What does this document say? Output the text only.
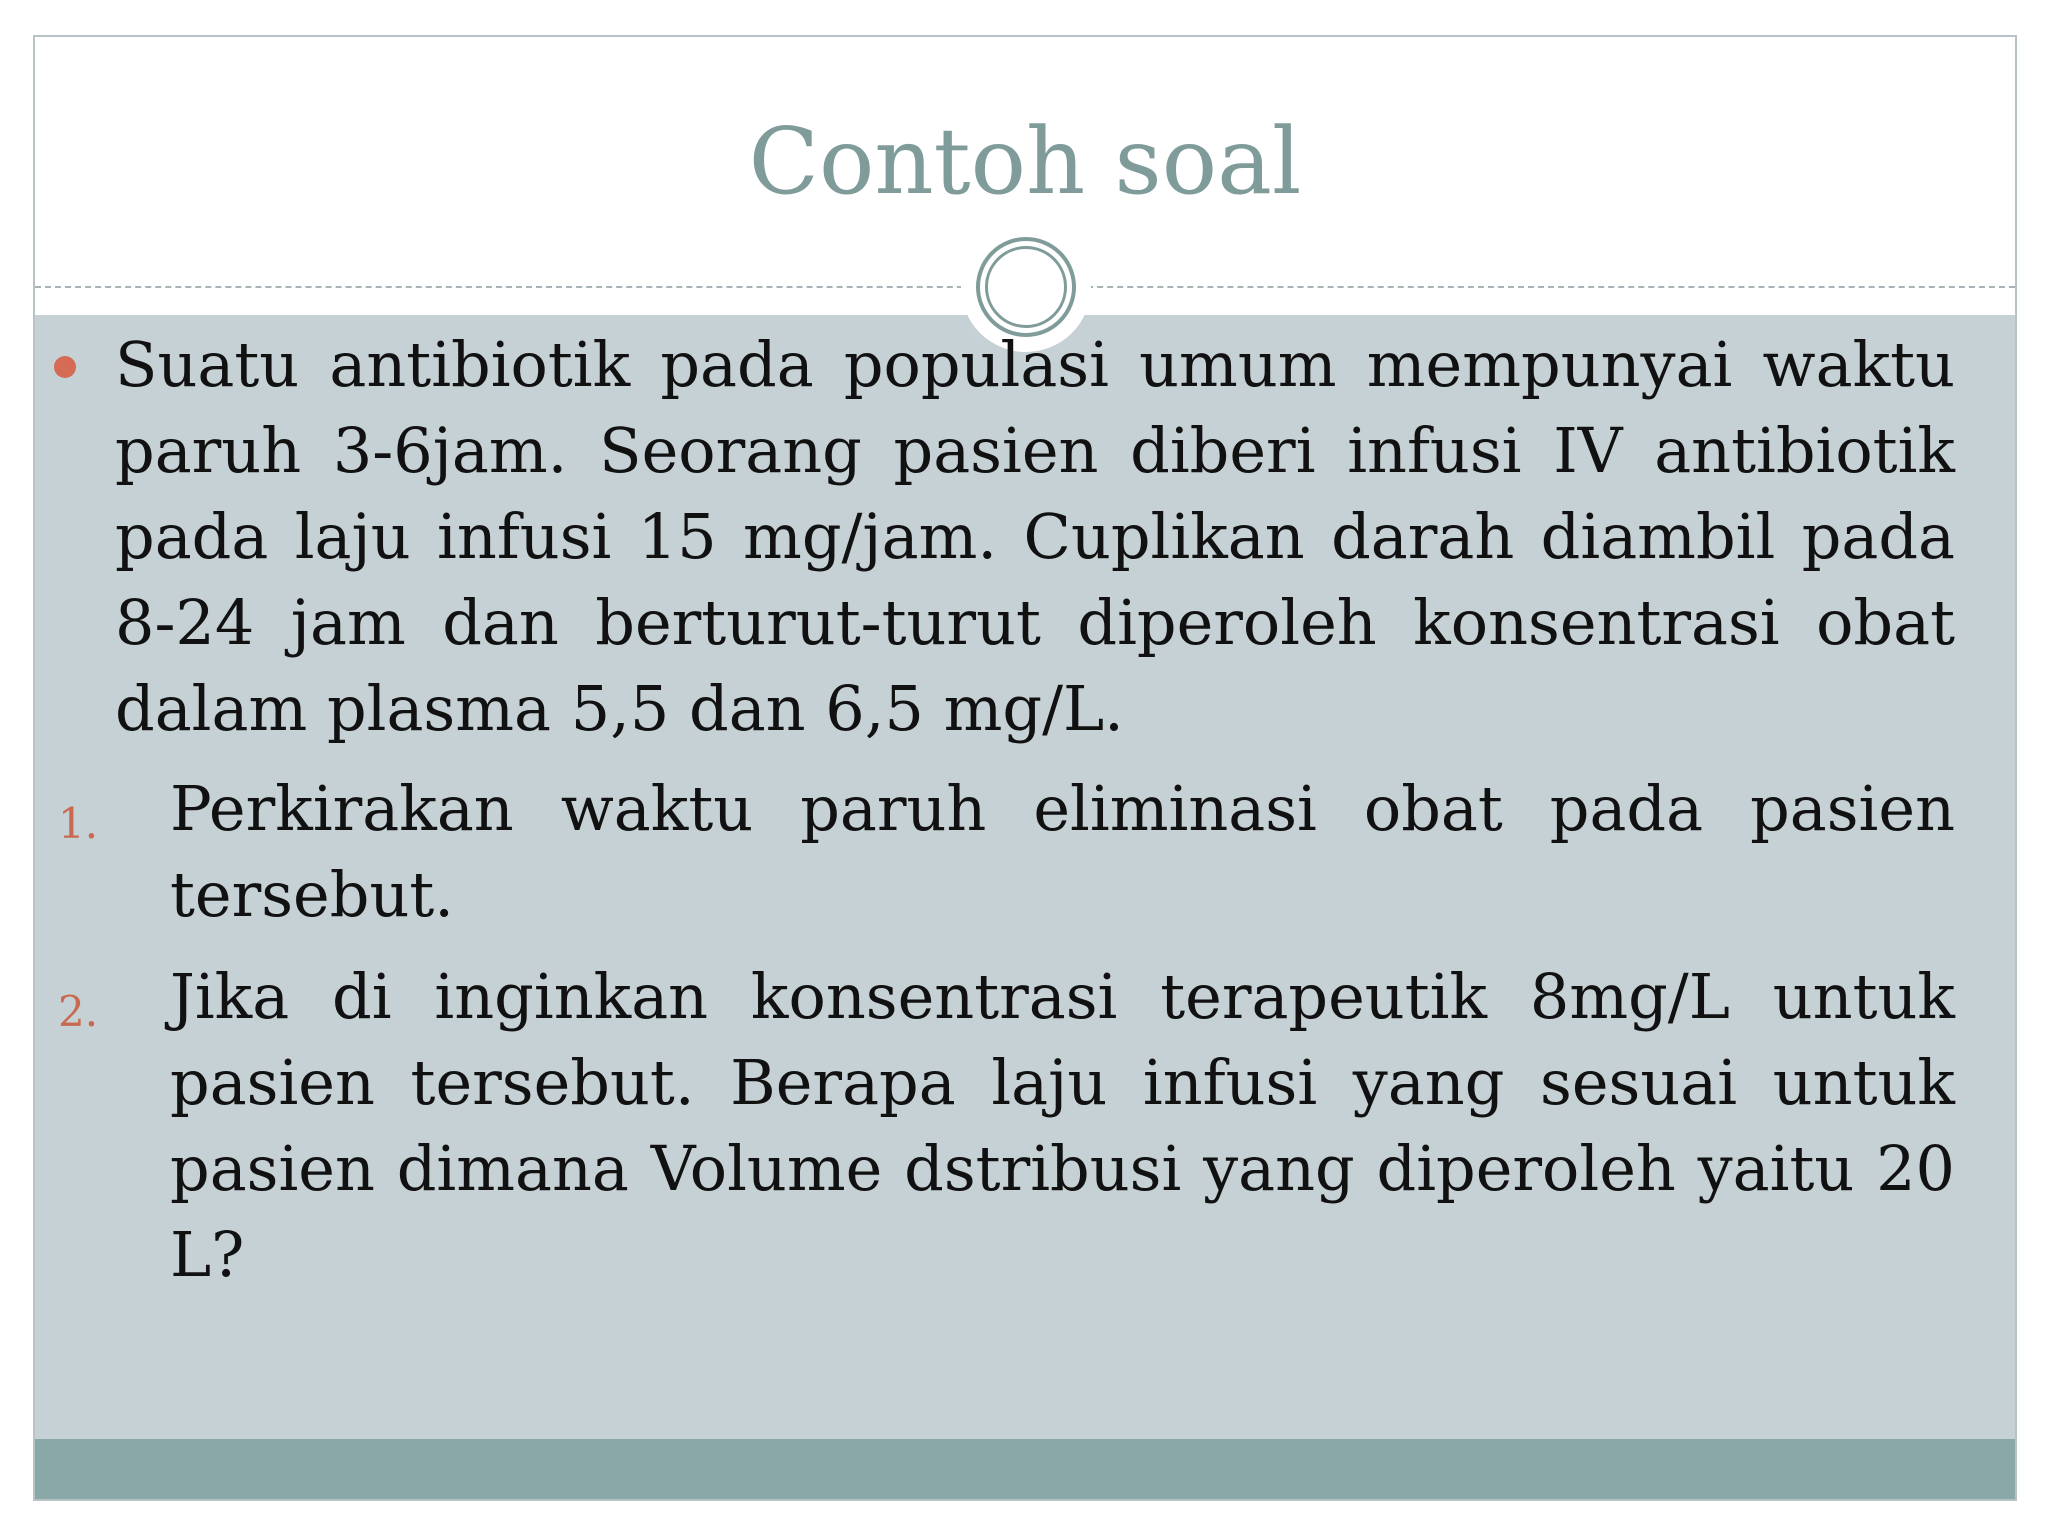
Contoh soal
Suatu antibiotik pada populasi umum mempunyai waktu paruh 3-6jam. Seorang pasien diberi infusi IV antibiotik pada laju infusi 15 mg/jam. Cuplikan darah diambil pada 8-24 jam dan berturut-turut diperoleh konsentrasi obat dalam plasma 5,5 dan 6,5 mg/L.
1. Perkirakan waktu paruh eliminasi obat pada pasien tersebut.
2. Jika di inginkan konsentrasi terapeutik 8mg/L untuk pasien tersebut. Berapa laju infusi yang sesuai untuk pasien dimana Volume dstribusi yang diperoleh yaitu 20 L?
